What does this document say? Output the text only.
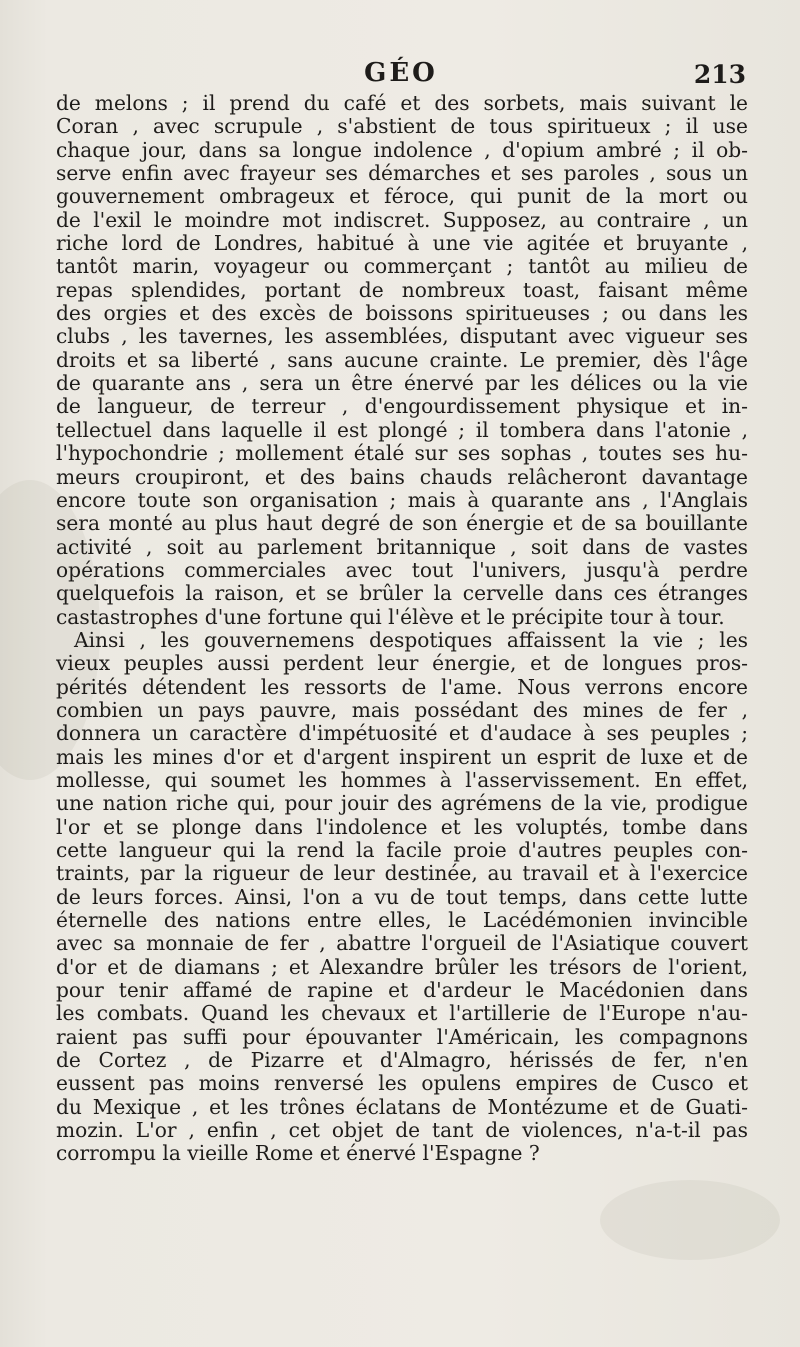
GÉO	213
de melons ; il prend du café et des sorbets, mais suivant le
Coran , avec scrupule , s'abstient de tous spiritueux ; il use
chaque jour, dans sa longue indolence , d'opium ambré ; il ob-
serve enfin avec frayeur ses démarches et ses paroles , sous un
gouvernement ombrageux et féroce, qui punit de la mort ou
de l'exil le moindre mot indiscret. Supposez, au contraire , un
riche lord de Londres, habitué à une vie agitée et bruyante ,
tantôt marin, voyageur ou commerçant ; tantôt au milieu de
repas splendides, portant de nombreux toast, faisant même
des orgies et des excès de boissons spiritueuses ; ou dans les
clubs , les tavernes, les assemblées, disputant avec vigueur ses
droits et sa liberté , sans aucune crainte. Le premier, dès l'âge
de quarante ans , sera un être énervé par les délices ou la vie
de langueur, de terreur , d'engourdissement physique et in-
tellectuel dans laquelle il est plongé ; il tombera dans l'atonie ,
l'hypochondrie ; mollement étalé sur ses sophas , toutes ses hu-
meurs croupiront, et des bains chauds relâcheront davantage
encore toute son organisation ; mais à quarante ans , l'Anglais
sera monté au plus haut degré de son énergie et de sa bouillante
activité , soit au parlement britannique , soit dans de vastes
opérations commerciales avec tout l'univers, jusqu'à perdre
quelquefois la raison, et se brûler la cervelle dans ces étranges
castastrophes d'une fortune qui l'élève et le précipite tour à tour.
Ainsi , les gouvernemens despotiques affaissent la vie ; les
vieux peuples aussi perdent leur énergie, et de longues pros-
pérités détendent les ressorts de l'ame. Nous verrons encore
combien un pays pauvre, mais possédant des mines de fer ,
donnera un caractère d'impétuosité et d'audace à ses peuples ;
mais les mines d'or et d'argent inspirent un esprit de luxe et de
mollesse, qui soumet les hommes à l'asservissement. En effet,
une nation riche qui, pour jouir des agrémens de la vie, prodigue
l'or et se plonge dans l'indolence et les voluptés, tombe dans
cette langueur qui la rend la facile proie d'autres peuples con-
traints, par la rigueur de leur destinée, au travail et à l'exercice
de leurs forces. Ainsi, l'on a vu de tout temps, dans cette lutte
éternelle des nations entre elles, le Lacédémonien invincible
avec sa monnaie de fer , abattre l'orgueil de l'Asiatique couvert
d'or et de diamans ; et Alexandre brûler les trésors de l'orient,
pour tenir affamé de rapine et d'ardeur le Macédonien dans
les combats. Quand les chevaux et l'artillerie de l'Europe n'au-
raient pas suffi pour épouvanter l'Américain, les compagnons
de Cortez , de Pizarre et d'Almagro, hérissés de fer, n'en
eussent pas moins renversé les opulens empires de Cusco et
du Mexique , et les trônes éclatans de Montézume et de Guati-
mozin. L'or , enfin , cet objet de tant de violences, n'a-t-il pas
corrompu la vieille Rome et énervé l'Espagne ?
